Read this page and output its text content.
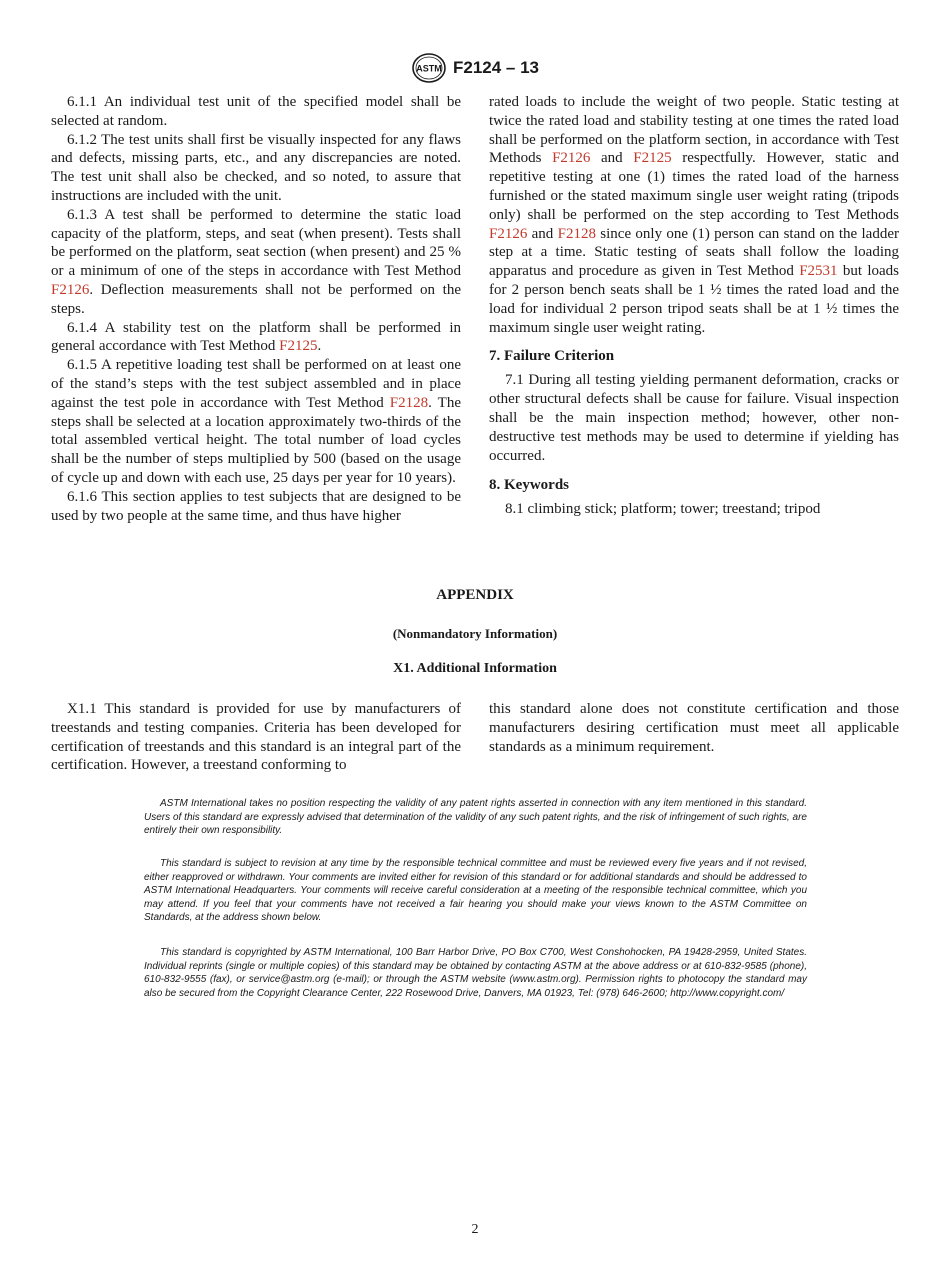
ASTM F2124 – 13

6.1.1 An individual test unit of the specified model shall be selected at random.

6.1.2 The test units shall first be visually inspected for any flaws and defects, missing parts, etc., and any discrepancies are noted. The test unit shall also be checked, and so noted, to assure that instructions are included with the unit.

6.1.3 A test shall be performed to determine the static load capacity of the platform, steps, and seat (when present). Tests shall be performed on the platform, seat section (when present) and 25 % or a minimum of one of the steps in accordance with Test Method F2126. Deflection measurements shall not be performed on the steps.

6.1.4 A stability test on the platform shall be performed in general accordance with Test Method F2125.

6.1.5 A repetitive loading test shall be performed on at least one of the stand’s steps with the test subject assembled and in place against the test pole in accordance with Test Method F2128. The steps shall be selected at a location approximately two-thirds of the total assembled vertical height. The total number of load cycles shall be the number of steps multiplied by 500 (based on the usage of cycle up and down with each use, 25 days per year for 10 years).

6.1.6 This section applies to test subjects that are designed to be used by two people at the same time, and thus have higher

rated loads to include the weight of two people. Static testing at twice the rated load and stability testing at one times the rated load shall be performed on the platform section, in accordance with Test Methods F2126 and F2125 respectfully. However, static and repetitive testing at one (1) times the rated load of the harness furnished or the stated maximum single user weight rating (tripods only) shall be performed on the step according to Test Methods F2126 and F2128 since only one (1) person can stand on the ladder step at a time. Static testing of seats shall follow the loading apparatus and procedure as given in Test Method F2531 but loads for 2 person bench seats shall be 1 ½ times the rated load and the load for individual 2 person tripod seats shall be at 1 ½ times the maximum single user weight rating.

7. Failure Criterion

7.1 During all testing yielding permanent deformation, cracks or other structural defects shall be cause for failure. Visual inspection shall be the main inspection method; however, other non-destructive test methods may be used to determine if yielding has occurred.

8. Keywords

8.1 climbing stick; platform; tower; treestand; tripod

APPENDIX
(Nonmandatory Information)
X1. Additional Information

X1.1 This standard is provided for use by manufacturers of treestands and testing companies. Criteria has been developed for certification of treestands and this standard is an integral part of the certification. However, a treestand conforming to

this standard alone does not constitute certification and those manufacturers desiring certification must meet all applicable standards as a minimum requirement.

ASTM International takes no position respecting the validity of any patent rights asserted in connection with any item mentioned in this standard. Users of this standard are expressly advised that determination of the validity of any such patent rights, and the risk of infringement of such rights, are entirely their own responsibility.

This standard is subject to revision at any time by the responsible technical committee and must be reviewed every five years and if not revised, either reapproved or withdrawn. Your comments are invited either for revision of this standard or for additional standards and should be addressed to ASTM International Headquarters. Your comments will receive careful consideration at a meeting of the responsible technical committee, which you may attend. If you feel that your comments have not received a fair hearing you should make your views known to the ASTM Committee on Standards, at the address shown below.

This standard is copyrighted by ASTM International, 100 Barr Harbor Drive, PO Box C700, West Conshohocken, PA 19428-2959, United States. Individual reprints (single or multiple copies) of this standard may be obtained by contacting ASTM at the above address or at 610-832-9585 (phone), 610-832-9555 (fax), or service@astm.org (e-mail); or through the ASTM website (www.astm.org). Permission rights to photocopy the standard may also be secured from the Copyright Clearance Center, 222 Rosewood Drive, Danvers, MA 01923, Tel: (978) 646-2600; http://www.copyright.com/

2
